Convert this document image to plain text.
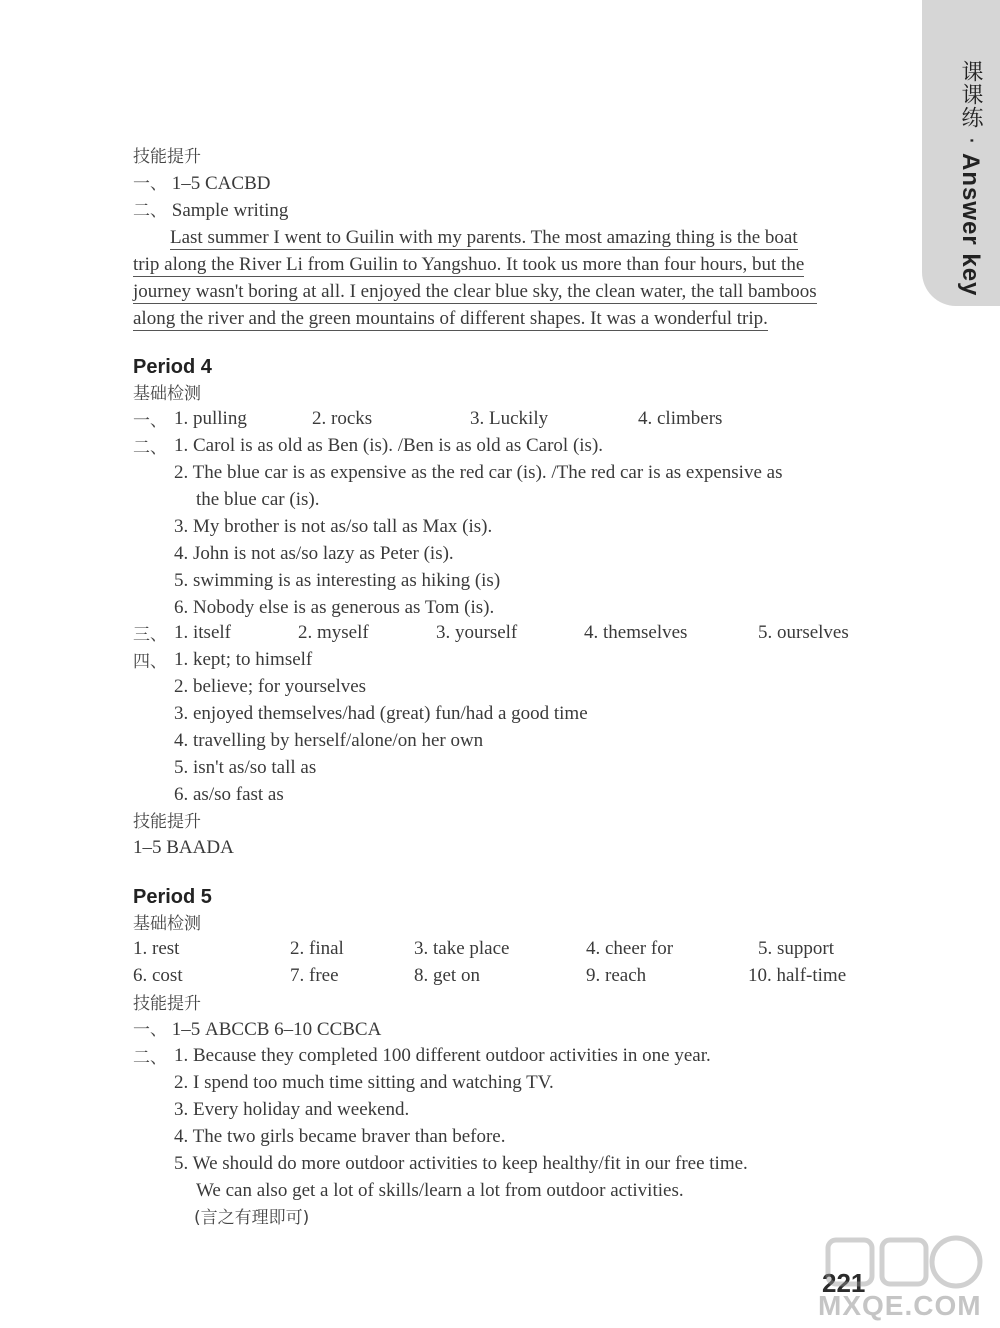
课课练 · Answer key
技能提升
一、 1–5 CACBD
二、 Sample writing
Last summer I went to Guilin with my parents. The most amazing thing is the boat
trip along the River Li from Guilin to Yangshuo. It took us more than four hours, but the
journey wasn't boring at all. I enjoyed the clear blue sky, the clean water, the tall bamboos
along the river and the green mountains of different shapes. It was a wonderful trip.
Period 4
基础检测
一、 1. pulling	2. rocks	3. Luckily	4. climbers
二、 1. Carol is as old as Ben (is). /Ben is as old as Carol (is).
2. The blue car is as expensive as the red car (is). /The red car is as expensive as
the blue car (is).
3. My brother is not as/so tall as Max (is).
4. John is not as/so lazy as Peter (is).
5. swimming is as interesting as hiking (is)
6. Nobody else is as generous as Tom (is).
三、 1. itself	2. myself	3. yourself	4. themselves	5. ourselves
四、 1. kept; to himself
2. believe; for yourselves
3. enjoyed themselves/had (great) fun/had a good time
4. travelling by herself/alone/on her own
5. isn't as/so tall as
6. as/so fast as
技能提升
1–5 BAADA
Period 5
基础检测
1. rest	2. final	3. take place	4. cheer for	5. support
6. cost	7. free	8. get on	9. reach	10. half-time
技能提升
一、 1–5 ABCCB 6–10 CCBCA
二、 1. Because they completed 100 different outdoor activities in one year.
2. I spend too much time sitting and watching TV.
3. Every holiday and weekend.
4. The two girls became braver than before.
5. We should do more outdoor activities to keep healthy/fit in our free time.
We can also get a lot of skills/learn a lot from outdoor activities.
(言之有理即可)
221
MXQE.COM
